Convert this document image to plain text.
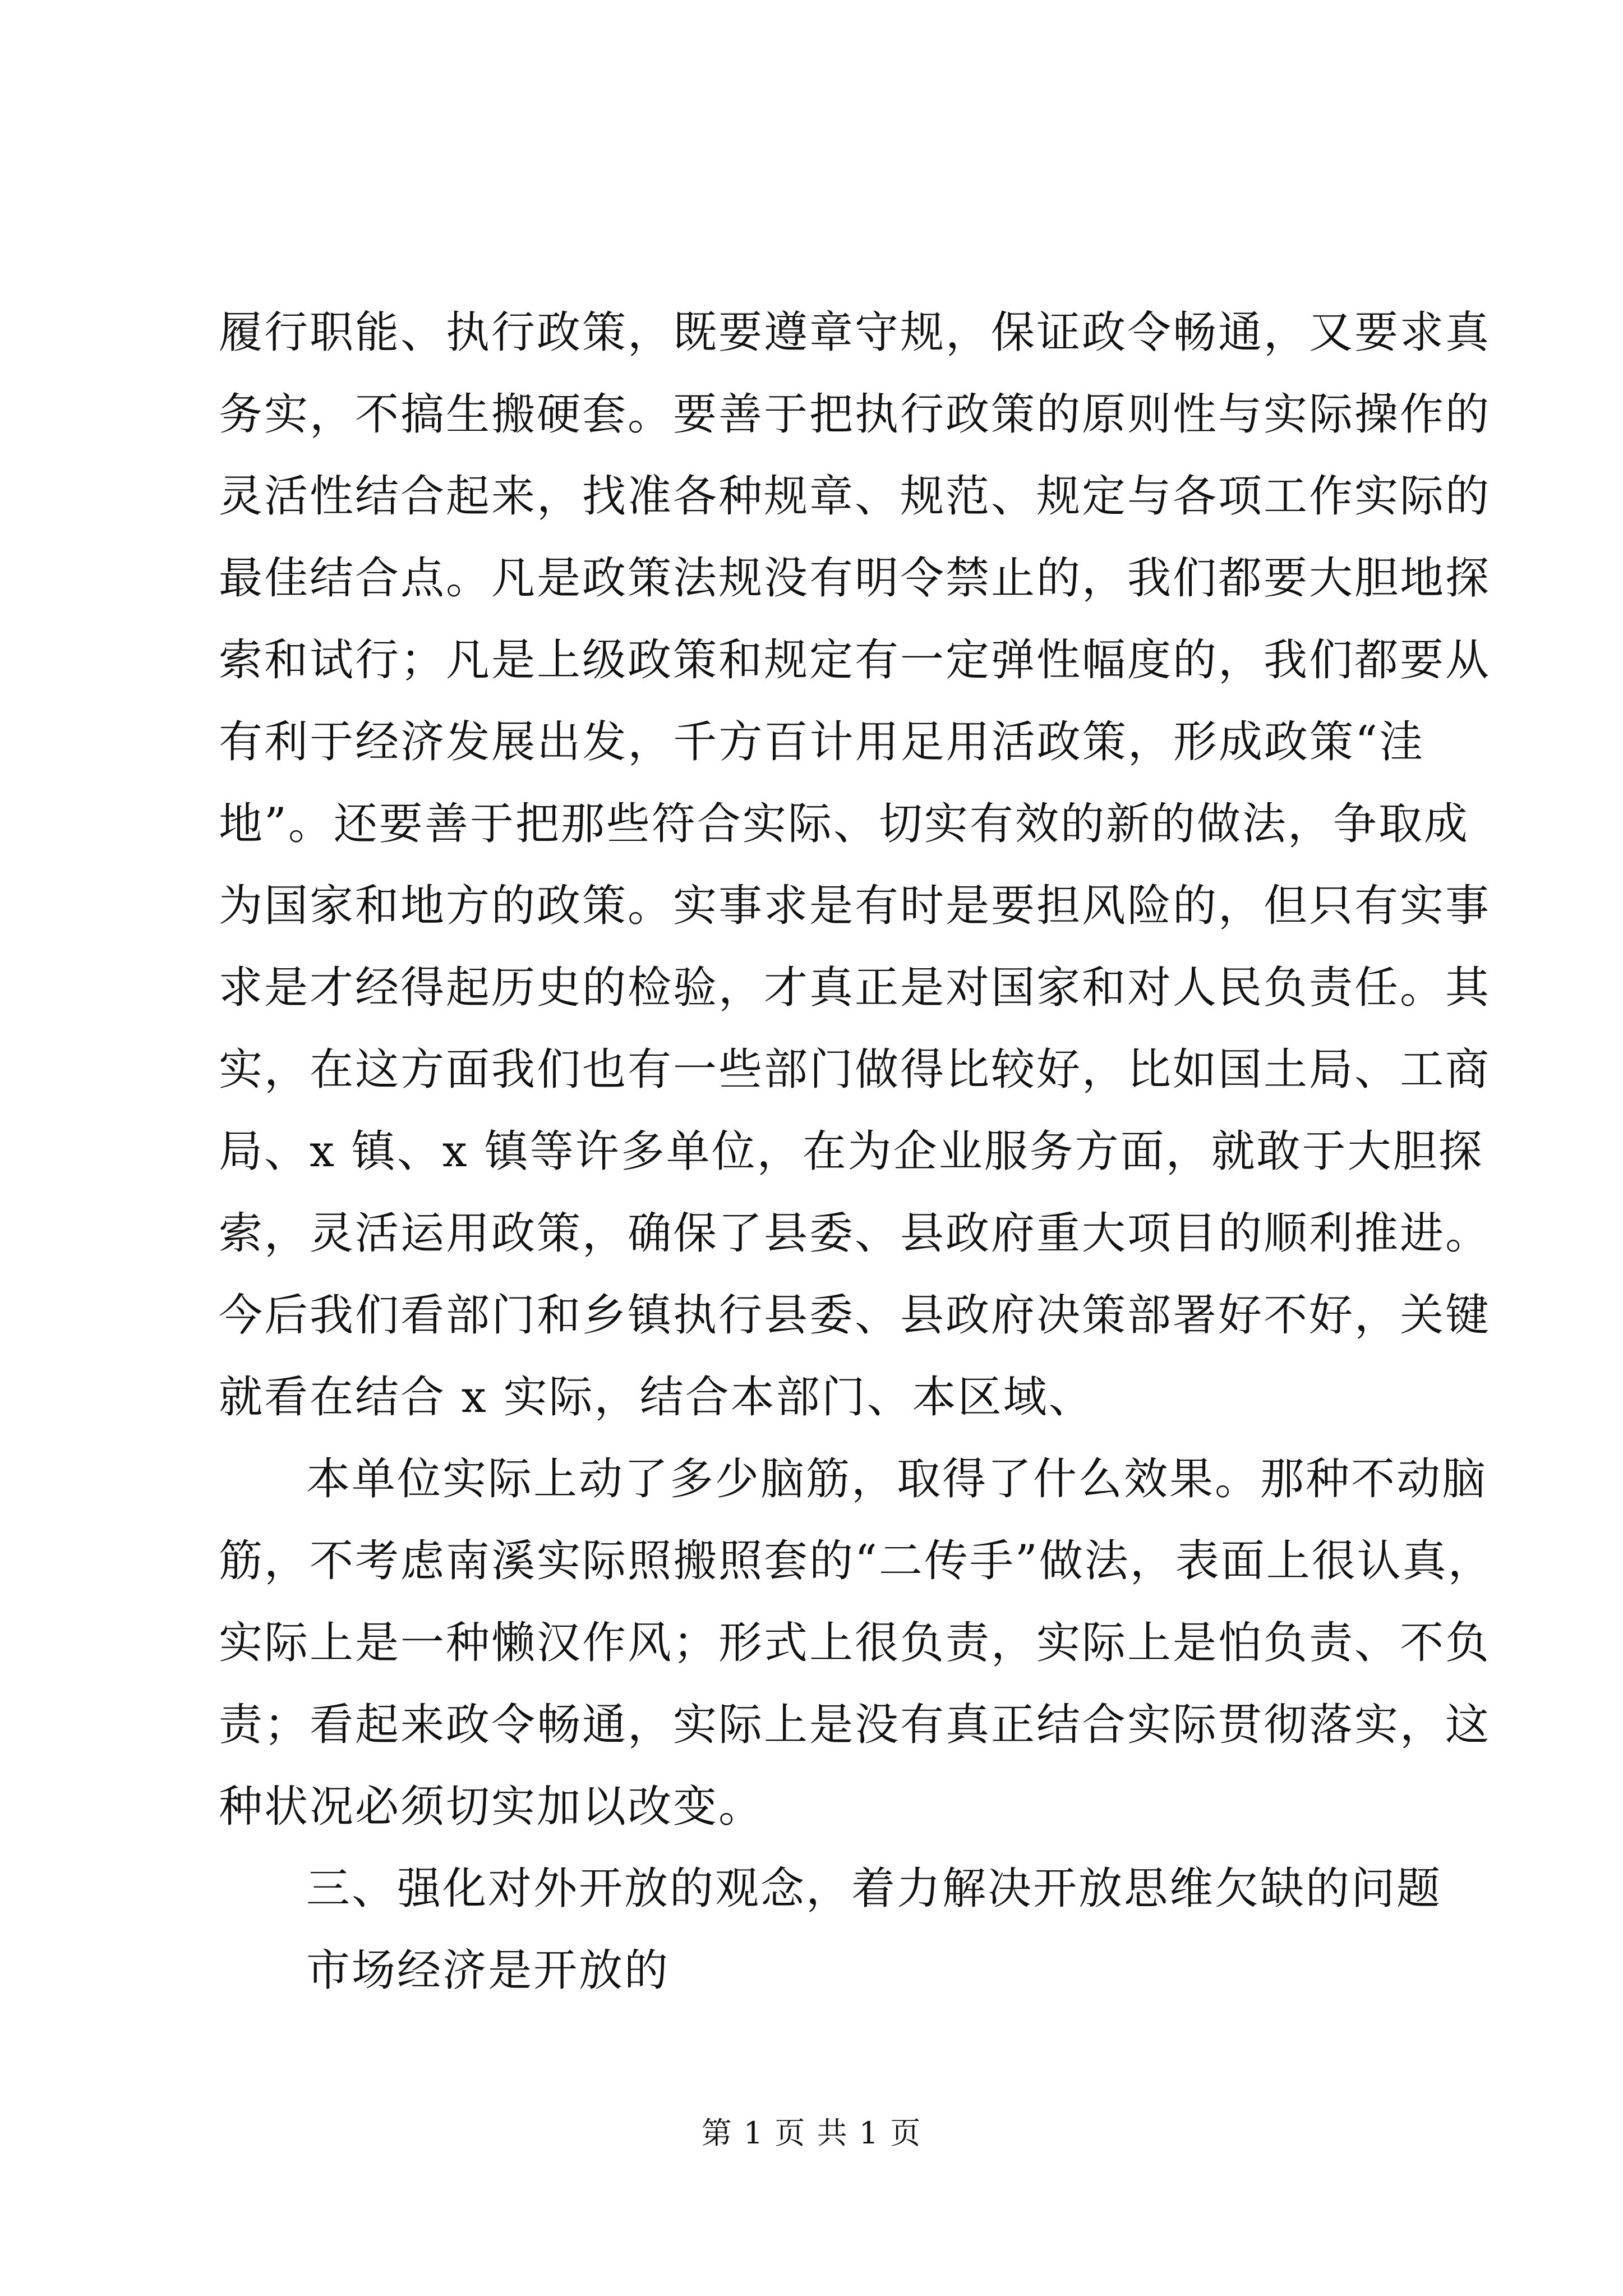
履行职能、执行政策，既要遵章守规，保证政令畅通，又要求真
务实，不搞生搬硬套。要善于把执行政策的原则性与实际操作的
灵活性结合起来，找准各种规章、规范、规定与各项工作实际的
最佳结合点。凡是政策法规没有明令禁止的，我们都要大胆地探
索和试行；凡是上级政策和规定有一定弹性幅度的，我们都要从
有利于经济发展出发，千方百计用足用活政策，形成政策“洼
地”。还要善于把那些符合实际、切实有效的新的做法，争取成
为国家和地方的政策。实事求是有时是要担风险的，但只有实事
求是才经得起历史的检验，才真正是对国家和对人民负责任。其
实，在这方面我们也有一些部门做得比较好，比如国土局、工商
局、x 镇、x 镇等许多单位，在为企业服务方面，就敢于大胆探
索，灵活运用政策，确保了县委、县政府重大项目的顺利推进。
今后我们看部门和乡镇执行县委、县政府决策部署好不好，关键
就看在结合 x 实际，结合本部门、本区域、
本单位实际上动了多少脑筋，取得了什么效果。那种不动脑
筋，不考虑南溪实际照搬照套的“二传手”做法，表面上很认真，
实际上是一种懒汉作风；形式上很负责，实际上是怕负责、不负
责；看起来政令畅通，实际上是没有真正结合实际贯彻落实，这
种状况必须切实加以改变。
三、强化对外开放的观念，着力解决开放思维欠缺的问题
市场经济是开放的
第 1 页 共 1 页
